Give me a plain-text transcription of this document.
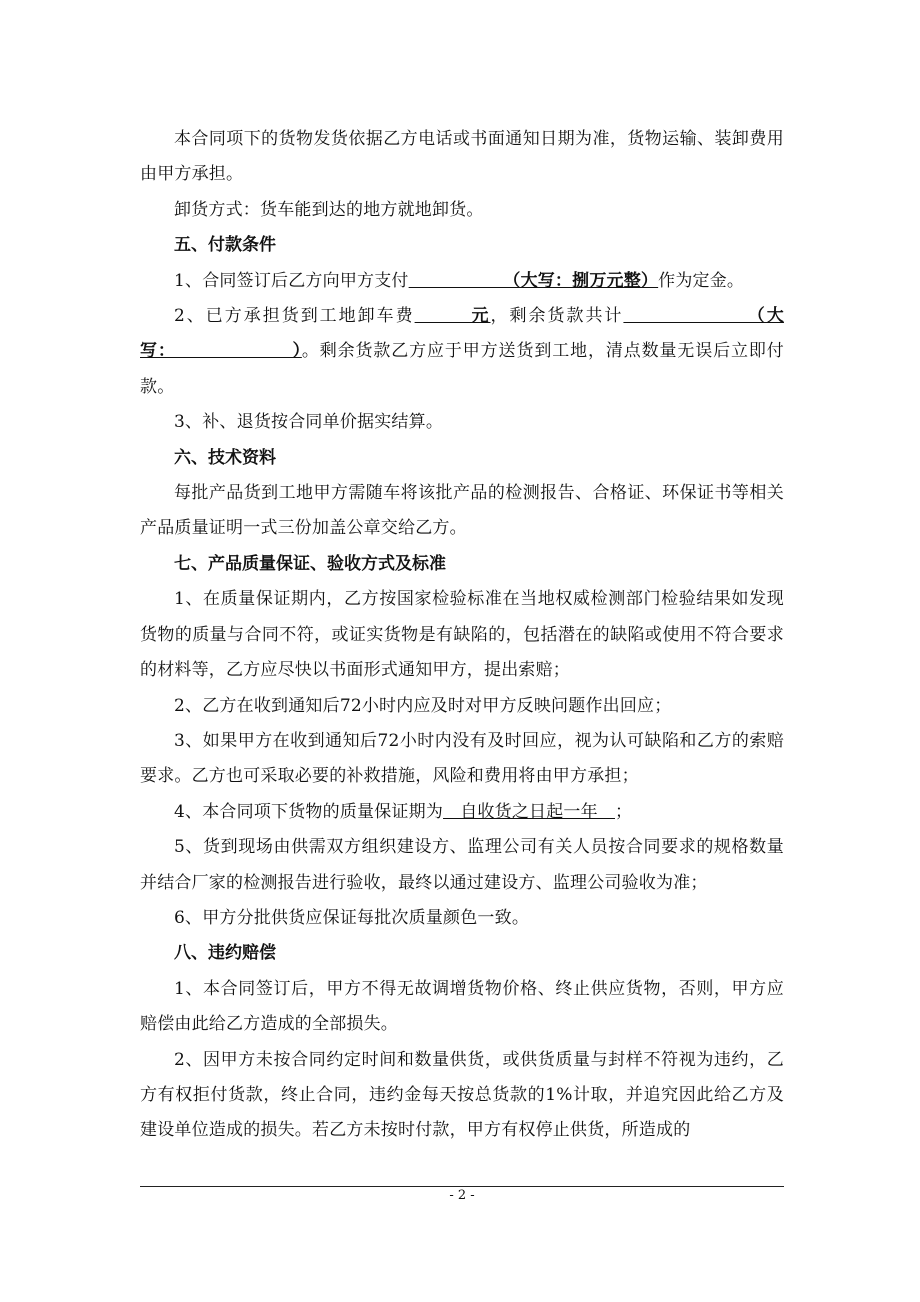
本合同项下的货物发货依据乙方电话或书面通知日期为准，货物运输、装卸费用由甲方承担。

卸货方式：货车能到达的地方就地卸货。

五、付款条件

1、合同签订后乙方向甲方支付　　　　　　（大写：捌万元整）作为定金。

2、已方承担货到工地卸车费　　　元，剩余货款共计　　　　　　　（大写：　　　　　　　）。剩余货款乙方应于甲方送货到工地，清点数量无误后立即付款。

3、补、退货按合同单价据实结算。

六、技术资料

每批产品货到工地甲方需随车将该批产品的检测报告、合格证、环保证书等相关产品质量证明一式三份加盖公章交给乙方。

七、产品质量保证、验收方式及标准

1、在质量保证期内，乙方按国家检验标准在当地权威检测部门检验结果如发现货物的质量与合同不符，或证实货物是有缺陷的，包括潜在的缺陷或使用不符合要求的材料等，乙方应尽快以书面形式通知甲方，提出索赔；

2、乙方在收到通知后72小时内应及时对甲方反映问题作出回应；

3、如果甲方在收到通知后72小时内没有及时回应，视为认可缺陷和乙方的索赔要求。乙方也可采取必要的补救措施，风险和费用将由甲方承担；

4、本合同项下货物的质量保证期为　自收货之日起一年　；

5、货到现场由供需双方组织建设方、监理公司有关人员按合同要求的规格数量并结合厂家的检测报告进行验收，最终以通过建设方、监理公司验收为准；

6、甲方分批供货应保证每批次质量颜色一致。

八、违约赔偿

1、本合同签订后，甲方不得无故调增货物价格、终止供应货物，否则，甲方应赔偿由此给乙方造成的全部损失。

2、因甲方未按合同约定时间和数量供货，或供货质量与封样不符视为违约，乙方有权拒付货款，终止合同，违约金每天按总货款的1%计取，并追究因此给乙方及建设单位造成的损失。若乙方未按时付款，甲方有权停止供货，所造成的

- 2 -
